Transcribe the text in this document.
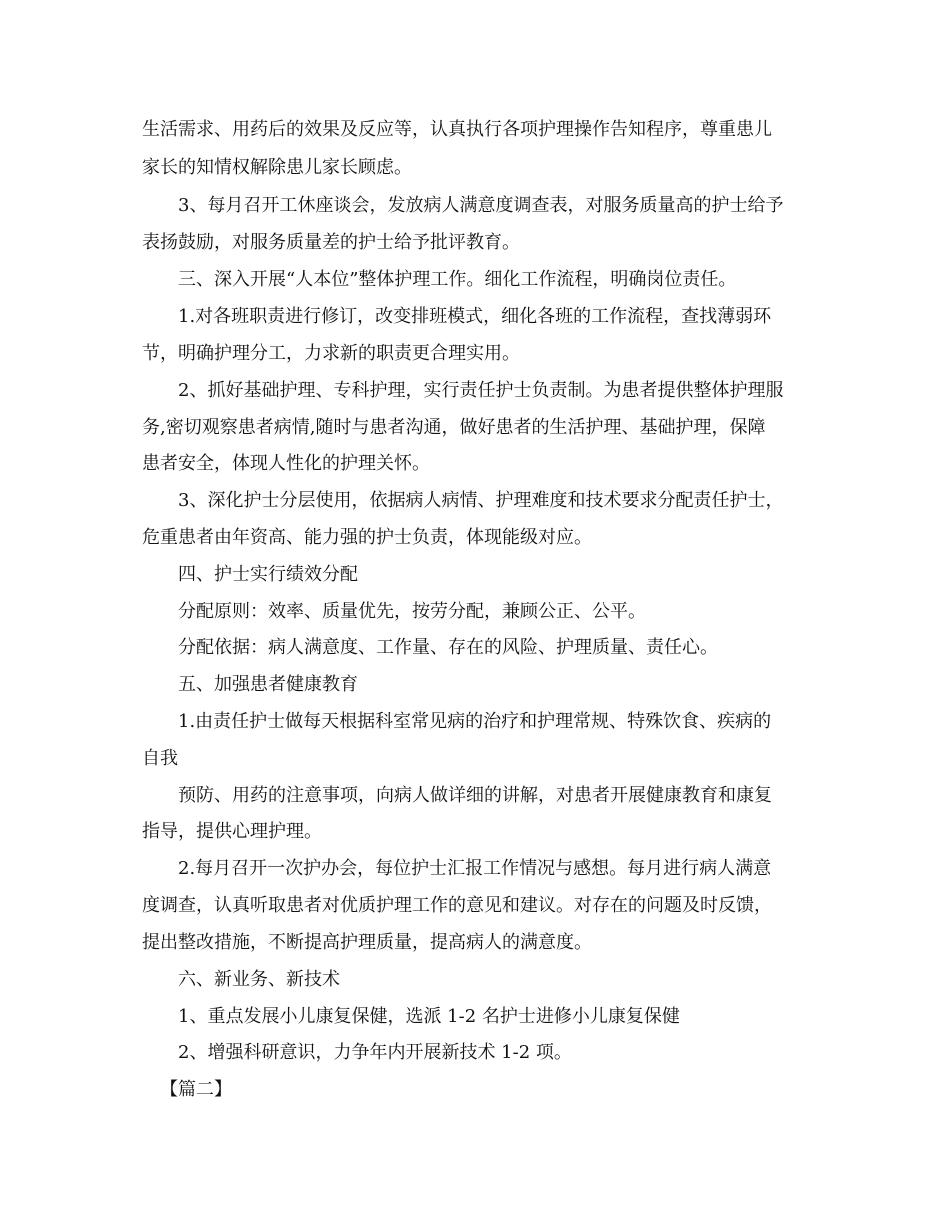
生活需求、用药后的效果及反应等，认真执行各项护理操作告知程序，尊重患儿
家长的知情权解除患儿家长顾虑。
3、每月召开工休座谈会，发放病人满意度调查表，对服务质量高的护士给予
表扬鼓励，对服务质量差的护士给予批评教育。
三、深入开展“人本位”整体护理工作。细化工作流程，明确岗位责任。
1.对各班职责进行修订，改变排班模式，细化各班的工作流程，查找薄弱环
节，明确护理分工，力求新的职责更合理实用。
2、抓好基础护理、专科护理，实行责任护士负责制。为患者提供整体护理服
务,密切观察患者病情,随时与患者沟通，做好患者的生活护理、基础护理，保障
患者安全，体现人性化的护理关怀。
3、深化护士分层使用，依据病人病情、护理难度和技术要求分配责任护士，
危重患者由年资高、能力强的护士负责，体现能级对应。
四、护士实行绩效分配
分配原则：效率、质量优先，按劳分配，兼顾公正、公平。
分配依据：病人满意度、工作量、存在的风险、护理质量、责任心。
五、加强患者健康教育
1.由责任护士做每天根据科室常见病的治疗和护理常规、特殊饮食、疾病的
自我
预防、用药的注意事项，向病人做详细的讲解，对患者开展健康教育和康复
指导，提供心理护理。
2.每月召开一次护办会，每位护士汇报工作情况与感想。每月进行病人满意
度调查，认真听取患者对优质护理工作的意见和建议。对存在的问题及时反馈，
提出整改措施，不断提高护理质量，提高病人的满意度。
六、新业务、新技术
1、重点发展小儿康复保健，选派 1-2 名护士进修小儿康复保健
2、增强科研意识，力争年内开展新技术 1-2 项。
【篇二】
